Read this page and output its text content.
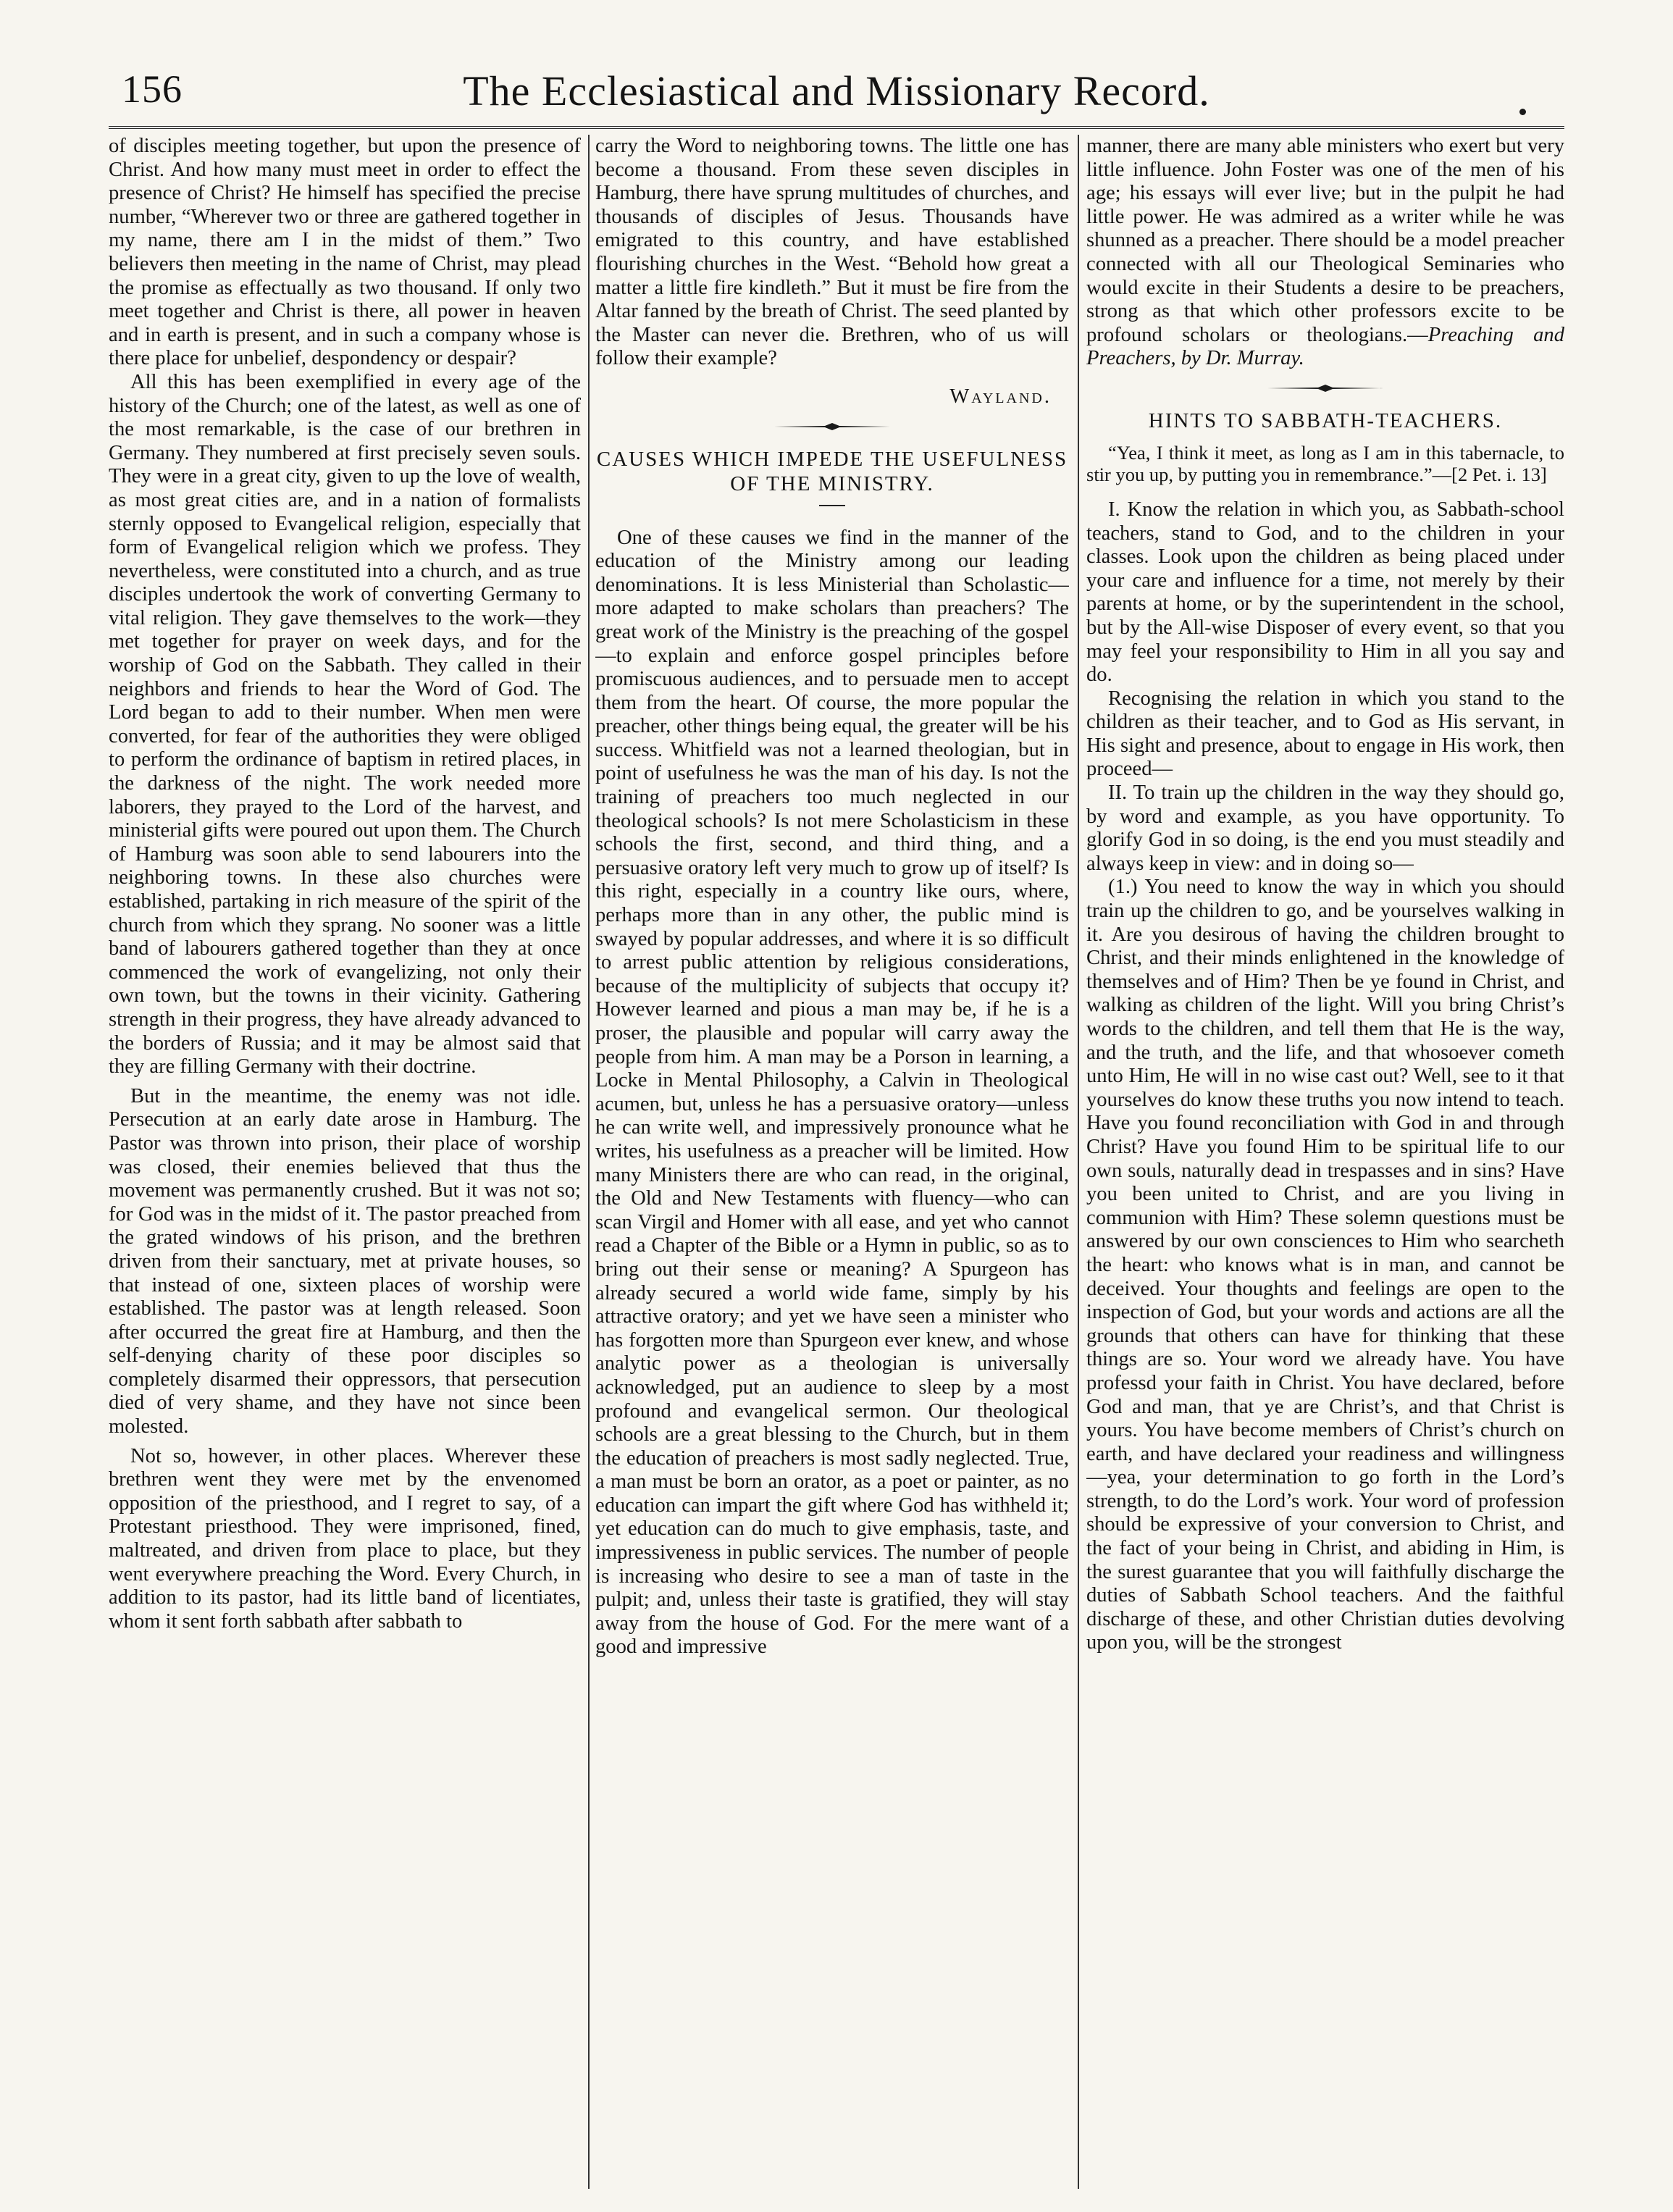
156	The Ecclesiastical and Missionary Record.

of disciples meeting together, but upon the presence of Christ. And how many must meet in order to effect the presence of Christ? He himself has specified the precise number, “Wherever two or three are gathered together in my name, there am I in the midst of them.” Two believers then meeting in the name of Christ, may plead the promise as effectually as two thousand. If only two meet together and Christ is there, all power in heaven and in earth is present, and in such a company whose is there place for unbelief, despondency or despair?

All this has been exemplified in every age of the history of the Church; one of the latest, as well as one of the most remarkable, is the case of our brethren in Germany. They numbered at first precisely seven souls. They were in a great city, given to up the love of wealth, as most great cities are, and in a nation of formalists sternly opposed to Evangelical religion, especially that form of Evangelical religion which we profess. They nevertheless, were constituted into a church, and as true disciples undertook the work of converting Germany to vital religion. They gave themselves to the work—they met together for prayer on week days, and for the worship of God on the Sabbath. They called in their neighbors and friends to hear the Word of God. The Lord began to add to their number. When men were converted, for fear of the authorities they were obliged to perform the ordinance of baptism in retired places, in the darkness of the night. The work needed more laborers, they prayed to the Lord of the harvest, and ministerial gifts were poured out upon them. The Church of Hamburg was soon able to send labourers into the neighboring towns. In these also churches were established, partaking in rich measure of the spirit of the church from which they sprang. No sooner was a little band of labourers gathered together than they at once commenced the work of evangelizing, not only their own town, but the towns in their vicinity. Gathering strength in their progress, they have already advanced to the borders of Russia; and it may be almost said that they are filling Germany with their doctrine.

But in the meantime, the enemy was not idle. Persecution at an early date arose in Hamburg. The Pastor was thrown into prison, their place of worship was closed, their enemies believed that thus the movement was permanently crushed. But it was not so; for God was in the midst of it. The pastor preached from the grated windows of his prison, and the brethren driven from their sanctuary, met at private houses, so that instead of one, sixteen places of worship were established. The pastor was at length released. Soon after occurred the great fire at Hamburg, and then the self-denying charity of these poor disciples so completely disarmed their oppressors, that persecution died of very shame, and they have not since been molested.

Not so, however, in other places. Wherever these brethren went they were met by the envenomed opposition of the priesthood, and I regret to say, of a Protestant priesthood. They were imprisoned, fined, maltreated, and driven from place to place, but they went everywhere preaching the Word. Every Church, in addition to its pastor, had its little band of licentiates, whom it sent forth sabbath after sabbath to

carry the Word to neighboring towns. The little one has become a thousand. From these seven disciples in Hamburg, there have sprung multitudes of churches, and thousands of disciples of Jesus. Thousands have emigrated to this country, and have established flourishing churches in the West. “Behold how great a matter a little fire kindleth.” But it must be fire from the Altar fanned by the breath of Christ. The seed planted by the Master can never die. Brethren, who of us will follow their example?

Wayland.

CAUSES WHICH IMPEDE THE USEFULNESS OF THE MINISTRY.

One of these causes we find in the manner of the education of the Ministry among our leading denominations. It is less Ministerial than Scholastic—more adapted to make scholars than preachers? The great work of the Ministry is the preaching of the gospel—to explain and enforce gospel principles before promiscuous audiences, and to persuade men to accept them from the heart. Of course, the more popular the preacher, other things being equal, the greater will be his success. Whitfield was not a learned theologian, but in point of usefulness he was the man of his day. Is not the training of preachers too much neglected in our theological schools? Is not mere Scholasticism in these schools the first, second, and third thing, and a persuasive oratory left very much to grow up of itself? Is this right, especially in a country like ours, where, perhaps more than in any other, the public mind is swayed by popular addresses, and where it is so difficult to arrest public attention by religious considerations, because of the multiplicity of subjects that occupy it? However learned and pious a man may be, if he is a proser, the plausible and popular will carry away the people from him. A man may be a Porson in learning, a Locke in Mental Philosophy, a Calvin in Theological acumen, but, unless he has a persuasive oratory—unless he can write well, and impressively pronounce what he writes, his usefulness as a preacher will be limited. How many Ministers there are who can read, in the original, the Old and New Testaments with fluency—who can scan Virgil and Homer with all ease, and yet who cannot read a Chapter of the Bible or a Hymn in public, so as to bring out their sense or meaning? A Spurgeon has already secured a world wide fame, simply by his attractive oratory; and yet we have seen a minister who has forgotten more than Spurgeon ever knew, and whose analytic power as a theologian is universally acknowledged, put an audience to sleep by a most profound and evangelical sermon. Our theological schools are a great blessing to the Church, but in them the education of preachers is most sadly neglected. True, a man must be born an orator, as a poet or painter, as no education can impart the gift where God has withheld it; yet education can do much to give emphasis, taste, and impressiveness in public services. The number of people is increasing who desire to see a man of taste in the pulpit; and, unless their taste is gratified, they will stay away from the house of God. For the mere want of a good and impressive

manner, there are many able ministers who exert but very little influence. John Foster was one of the men of his age; his essays will ever live; but in the pulpit he had little power. He was admired as a writer while he was shunned as a preacher. There should be a model preacher connected with all our Theological Seminaries who would excite in their Students a desire to be preachers, strong as that which other professors excite to be profound scholars or theologians.—Preaching and Preachers, by Dr. Murray.

HINTS TO SABBATH-TEACHERS.

“Yea, I think it meet, as long as I am in this tabernacle, to stir you up, by putting you in remembrance.”—[2 Pet. i. 13]

I. Know the relation in which you, as Sabbath-school teachers, stand to God, and to the children in your classes. Look upon the children as being placed under your care and influence for a time, not merely by their parents at home, or by the superintendent in the school, but by the All-wise Disposer of every event, so that you may feel your responsibility to Him in all you say and do.

Recognising the relation in which you stand to the children as their teacher, and to God as His servant, in His sight and presence, about to engage in His work, then proceed—

II. To train up the children in the way they should go, by word and example, as you have opportunity. To glorify God in so doing, is the end you must steadily and always keep in view: and in doing so—

(1.) You need to know the way in which you should train up the children to go, and be yourselves walking in it. Are you desirous of having the children brought to Christ, and their minds enlightened in the knowledge of themselves and of Him? Then be ye found in Christ, and walking as children of the light. Will you bring Christ’s words to the children, and tell them that He is the way, and the truth, and the life, and that whosoever cometh unto Him, He will in no wise cast out? Well, see to it that yourselves do know these truths you now intend to teach. Have you found reconciliation with God in and through Christ? Have you found Him to be spiritual life to our own souls, naturally dead in trespasses and in sins? Have you been united to Christ, and are you living in communion with Him? These solemn questions must be answered by our own consciences to Him who searcheth the heart: who knows what is in man, and cannot be deceived. Your thoughts and feelings are open to the inspection of God, but your words and actions are all the grounds that others can have for thinking that these things are so. Your word we already have. You have professd your faith in Christ. You have declared, before God and man, that ye are Christ’s, and that Christ is yours. You have become members of Christ’s church on earth, and have declared your readiness and willingness—yea, your determination to go forth in the Lord’s strength, to do the Lord’s work. Your word of profession should be expressive of your conversion to Christ, and the fact of your being in Christ, and abiding in Him, is the surest guarantee that you will faithfully discharge the duties of Sabbath School teachers. And the faithful discharge of these, and other Christian duties devolving upon you, will be the strongest
